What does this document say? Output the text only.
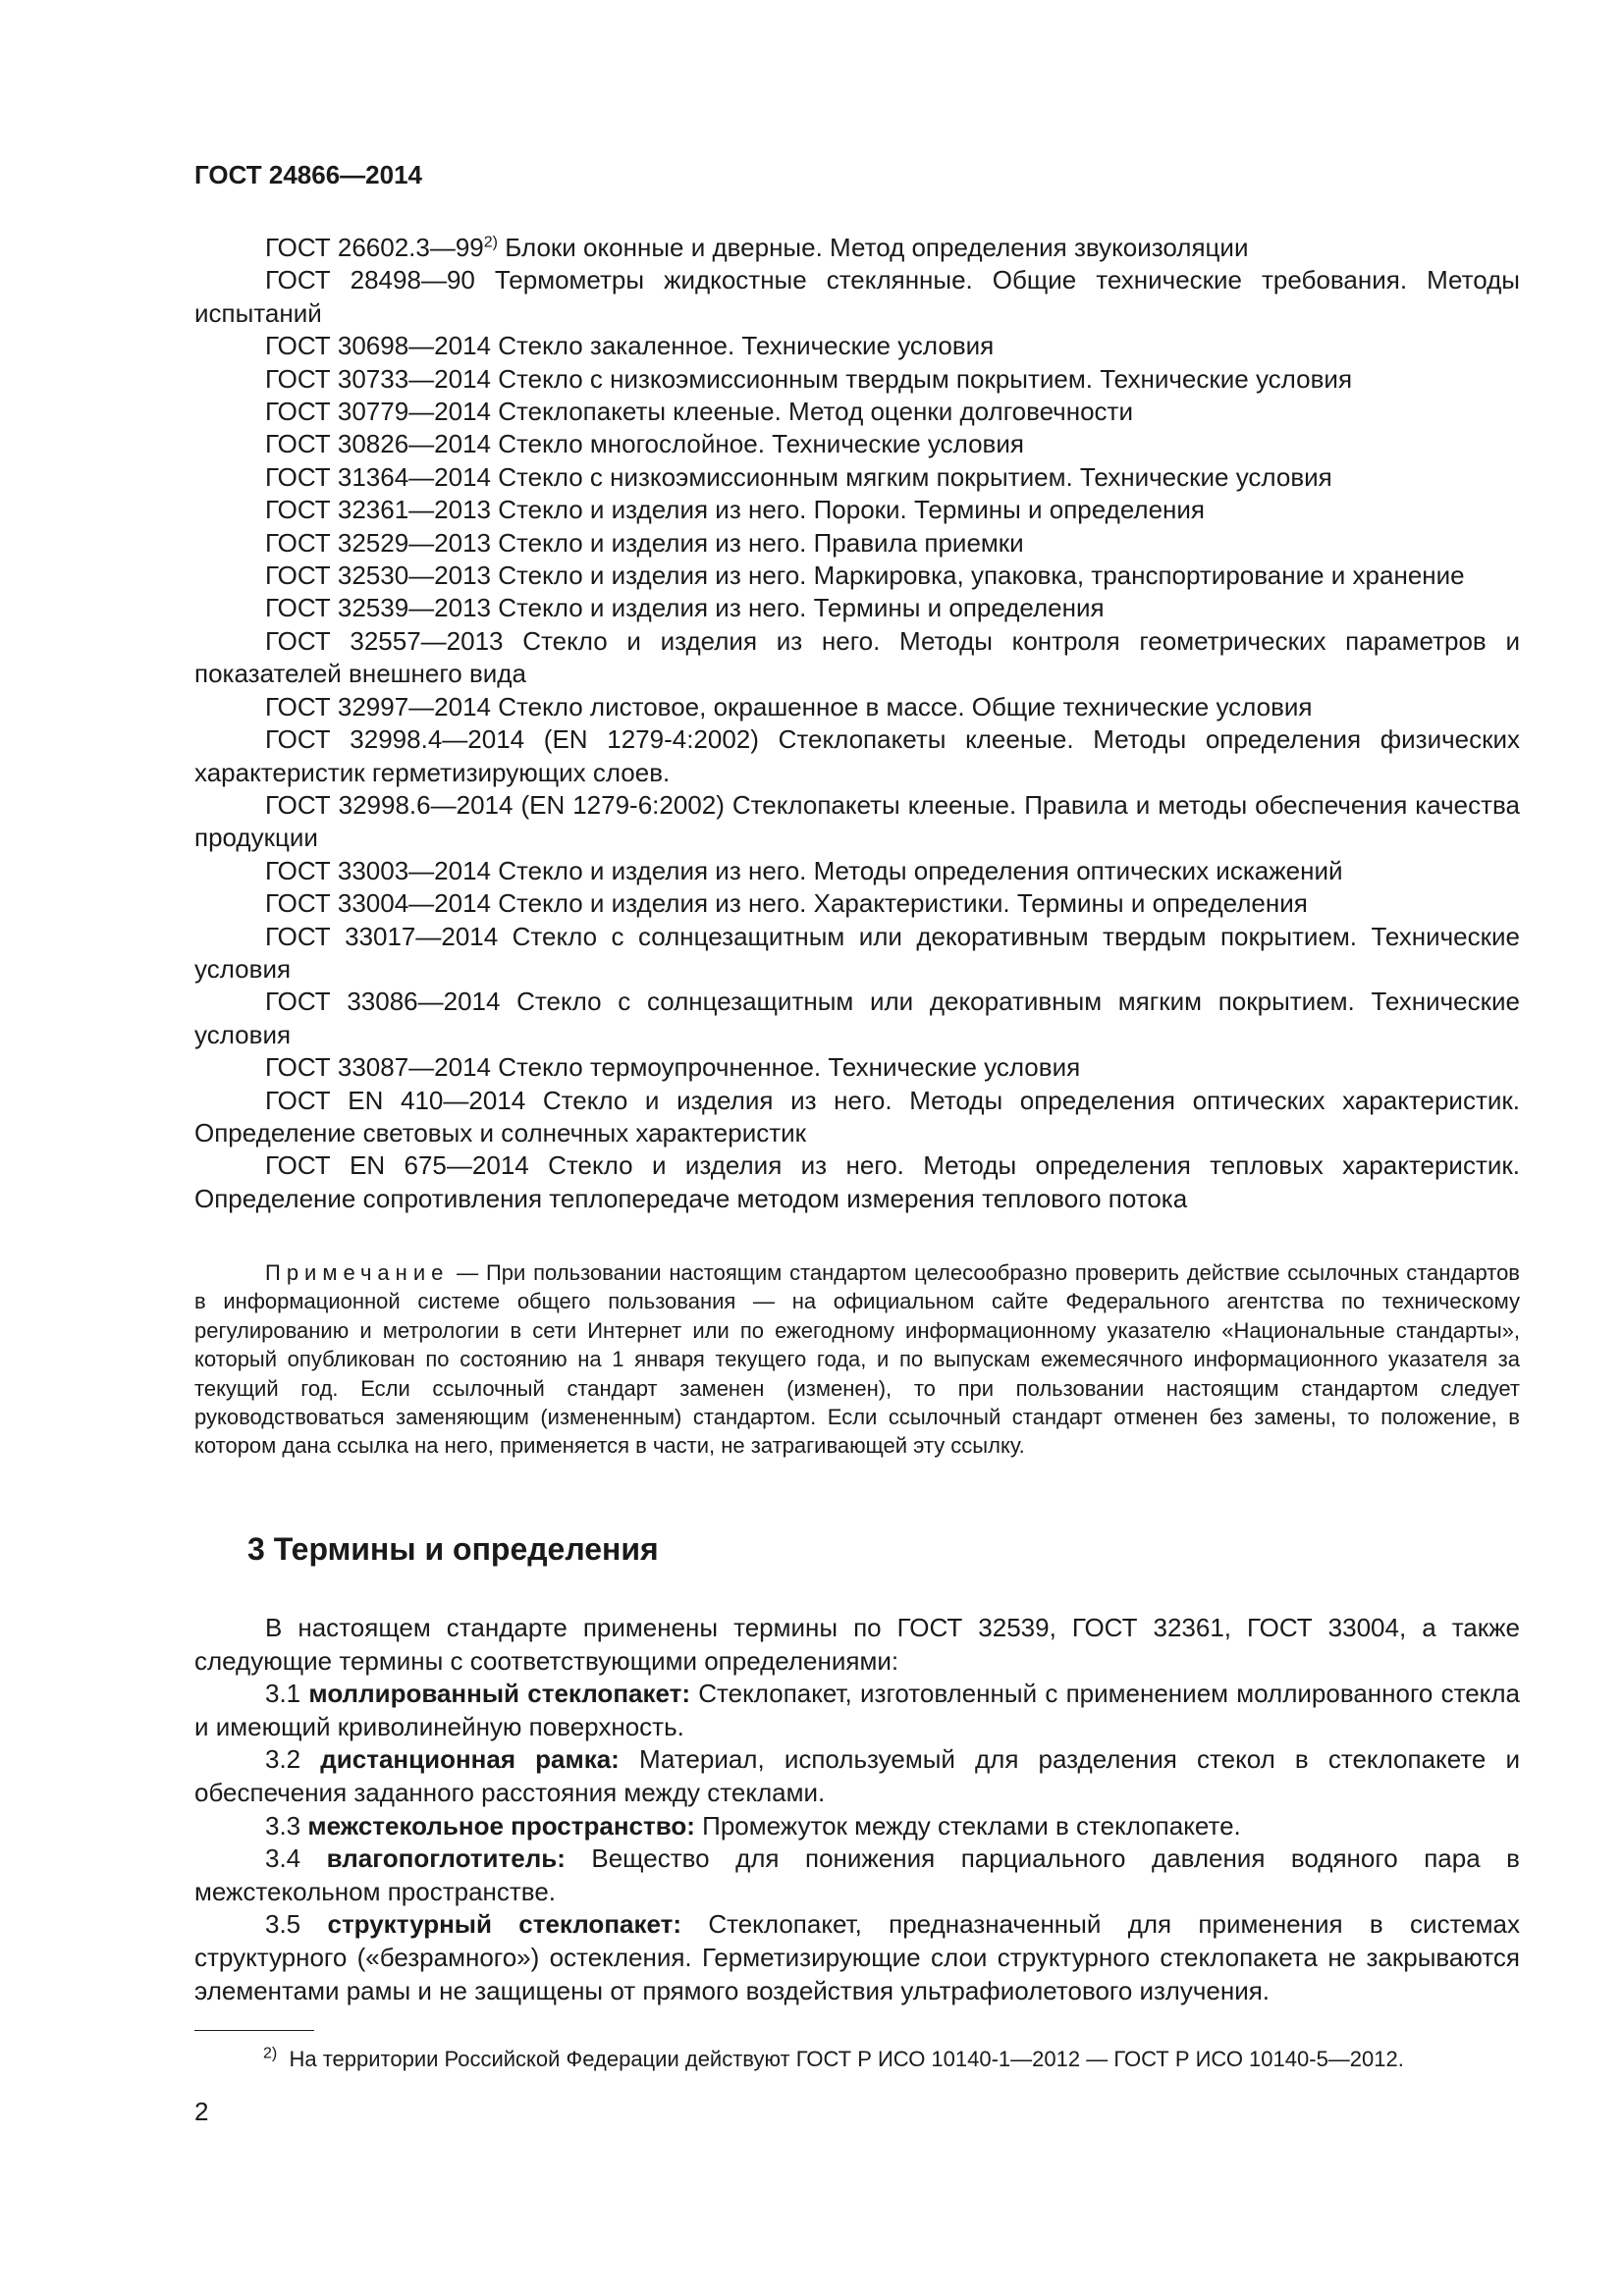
ГОСТ 24866—2014

ГОСТ 26602.3—99$^{2)}$ Блоки оконные и дверные. Метод определения звукоизоляции

ГОСТ 28498—90 Термометры жидкостные стеклянные. Общие технические требования. Методы испытаний

ГОСТ 30698—2014 Стекло закаленное. Технические условия

ГОСТ 30733—2014 Стекло с низкоэмиссионным твердым покрытием. Технические условия

ГОСТ 30779—2014 Стеклопакеты клееные. Метод оценки долговечности

ГОСТ 30826—2014 Стекло многослойное. Технические условия

ГОСТ 31364—2014 Стекло с низкоэмиссионным мягким покрытием. Технические условия

ГОСТ 32361—2013 Стекло и изделия из него. Пороки. Термины и определения

ГОСТ 32529—2013 Стекло и изделия из него. Правила приемки

ГОСТ 32530—2013 Стекло и изделия из него. Маркировка, упаковка, транспортирование и хранение

ГОСТ 32539—2013 Стекло и изделия из него. Термины и определения

ГОСТ 32557—2013 Стекло и изделия из него. Методы контроля геометрических параметров и показателей внешнего вида

ГОСТ 32997—2014 Стекло листовое, окрашенное в массе. Общие технические условия

ГОСТ 32998.4—2014 (EN 1279-4:2002) Стеклопакеты клееные. Методы определения физических характеристик герметизирующих слоев.

ГОСТ 32998.6—2014 (EN 1279-6:2002) Стеклопакеты клееные. Правила и методы обеспечения качества продукции

ГОСТ 33003—2014 Стекло и изделия из него. Методы определения оптических искажений

ГОСТ 33004—2014 Стекло и изделия из него. Характеристики. Термины и определения

ГОСТ 33017—2014 Стекло с солнцезащитным или декоративным твердым покрытием. Технические условия

ГОСТ 33086—2014 Стекло с солнцезащитным или декоративным мягким покрытием. Технические условия

ГОСТ 33087—2014 Стекло термоупрочненное. Технические условия

ГОСТ EN 410—2014 Стекло и изделия из него. Методы определения оптических характеристик. Определение световых и солнечных характеристик

ГОСТ EN 675—2014 Стекло и изделия из него. Методы определения тепловых характеристик. Определение сопротивления теплопередаче методом измерения теплового потока

Примечание — При пользовании настоящим стандартом целесообразно проверить действие ссылочных стандартов в информационной системе общего пользования — на официальном сайте Федерального агентства по техническому регулированию и метрологии в сети Интернет или по ежегодному информационному указателю «Национальные стандарты», который опубликован по состоянию на 1 января текущего года, и по выпускам ежемесячного информационного указателя за текущий год. Если ссылочный стандарт заменен (изменен), то при пользовании настоящим стандартом следует руководствоваться заменяющим (измененным) стандартом. Если ссылочный стандарт отменен без замены, то положение, в котором дана ссылка на него, применяется в части, не затрагивающей эту ссылку.

3 Термины и определения

В настоящем стандарте применены термины по ГОСТ 32539, ГОСТ 32361, ГОСТ 33004, а также следующие термины с соответствующими определениями:

3.1 моллированный стеклопакет: Стеклопакет, изготовленный с применением моллированного стекла и имеющий криволинейную поверхность.

3.2 дистанционная рамка: Материал, используемый для разделения стекол в стеклопакете и обеспечения заданного расстояния между стеклами.

3.3 межстекольное пространство: Промежуток между стеклами в стеклопакете.

3.4 влагопоглотитель: Вещество для понижения парциального давления водяного пара в межстекольном пространстве.

3.5 структурный стеклопакет: Стеклопакет, предназначенный для применения в системах структурного («безрамного») остекления. Герметизирующие слои структурного стеклопакета не закрываются элементами рамы и не защищены от прямого воздействия ультрафиолетового излучения.

$^{2)}$ На территории Российской Федерации действуют ГОСТ Р ИСО 10140-1—2012 — ГОСТ Р ИСО 10140-5—2012.
2
